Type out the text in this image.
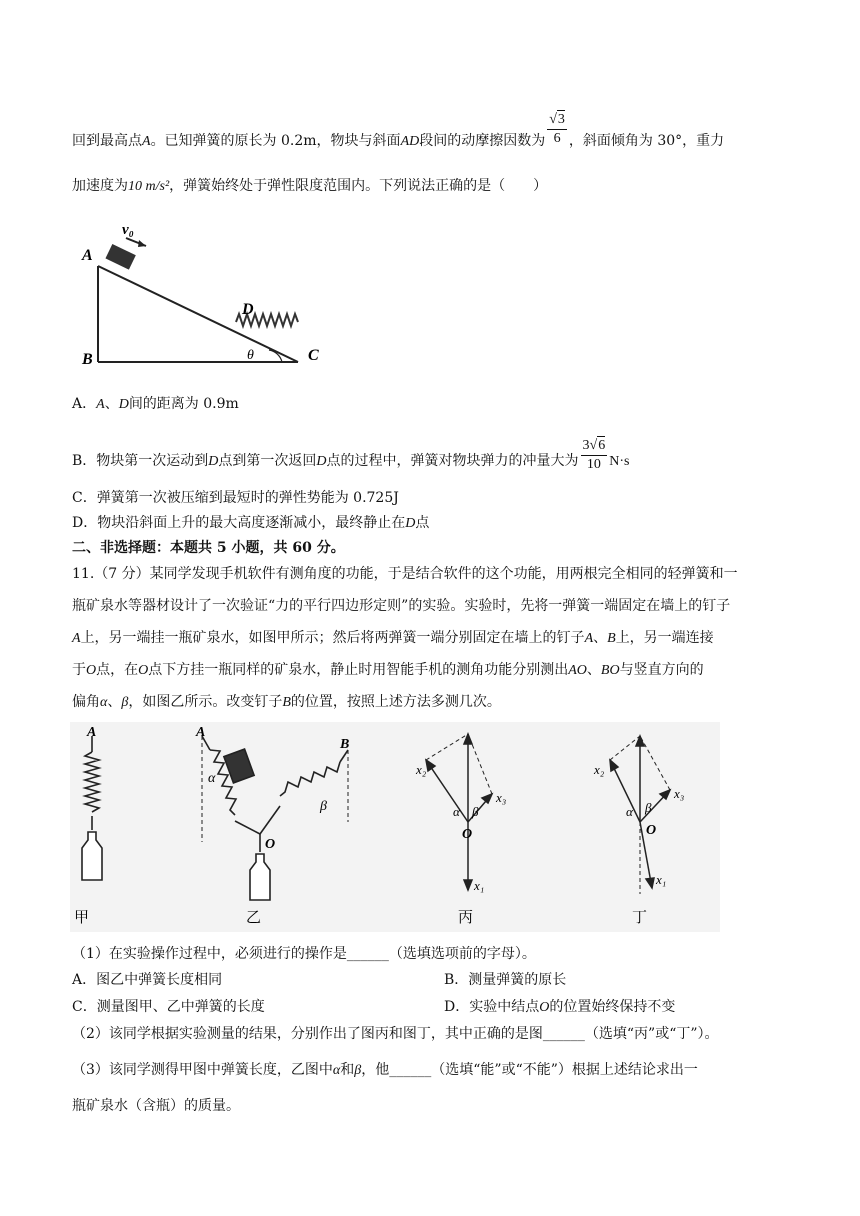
回到最高点A。已知弹簧的原长为 0.2m，物块与斜面AD段间的动摩擦因数为 $\frac{√3}{6}$ ，斜面倾角为 30°，重力
加速度为10 m/s²，弹簧始终处于弹性限度范围内。下列说法正确的是（　　）
A
B	C
D
θ
v₀
A．A、D间的距离为 0.9m
B．物块第一次运动到D点到第一次返回D点的过程中，弹簧对物块弹力的冲量大为 $\frac{3√6}{10} N\cdot s$
C．弹簧第一次被压缩到最短时的弹性势能为 0.725J
D．物块沿斜面上升的最大高度逐渐减小，最终静止在D点
二、非选择题：本题共 5 小题，共 60 分。
11.（7 分）某同学发现手机软件有测角度的功能，于是结合软件的这个功能，用两根完全相同的轻弹簧和一
瓶矿泉水等器材设计了一次验证“力的平行四边形定则”的实验。实验时，先将一弹簧一端固定在墙上的钉子
A上，另一端挂一瓶矿泉水，如图甲所示；然后将两弹簧一端分别固定在墙上的钉子A、B上，另一端连接
于O点，在O点下方挂一瓶同样的矿泉水，静止时用智能手机的测角功能分别测出AO、BO与竖直方向的
偏角α、β，如图乙所示。改变钉子B的位置，按照上述方法多测几次。
A
甲
A
B
O
α
β
乙
O
x₂
x₃
x₁
α β
丙
O
x₂
x₃
x₁
α β
丁
（1）在实验操作过程中，必须进行的操作是______（选填选项前的字母）。
A．图乙中弹簧长度相同	B．测量弹簧的原长
C．测量图甲、乙中弹簧的长度	D．实验中结点O的位置始终保持不变
（2）该同学根据实验测量的结果，分别作出了图丙和图丁，其中正确的是图______（选填“丙”或“丁”）。
（3）该同学测得甲图中弹簧长度，乙图中α和β，他______（选填“能”或“不能”）根据上述结论求出一
瓶矿泉水（含瓶）的质量。
